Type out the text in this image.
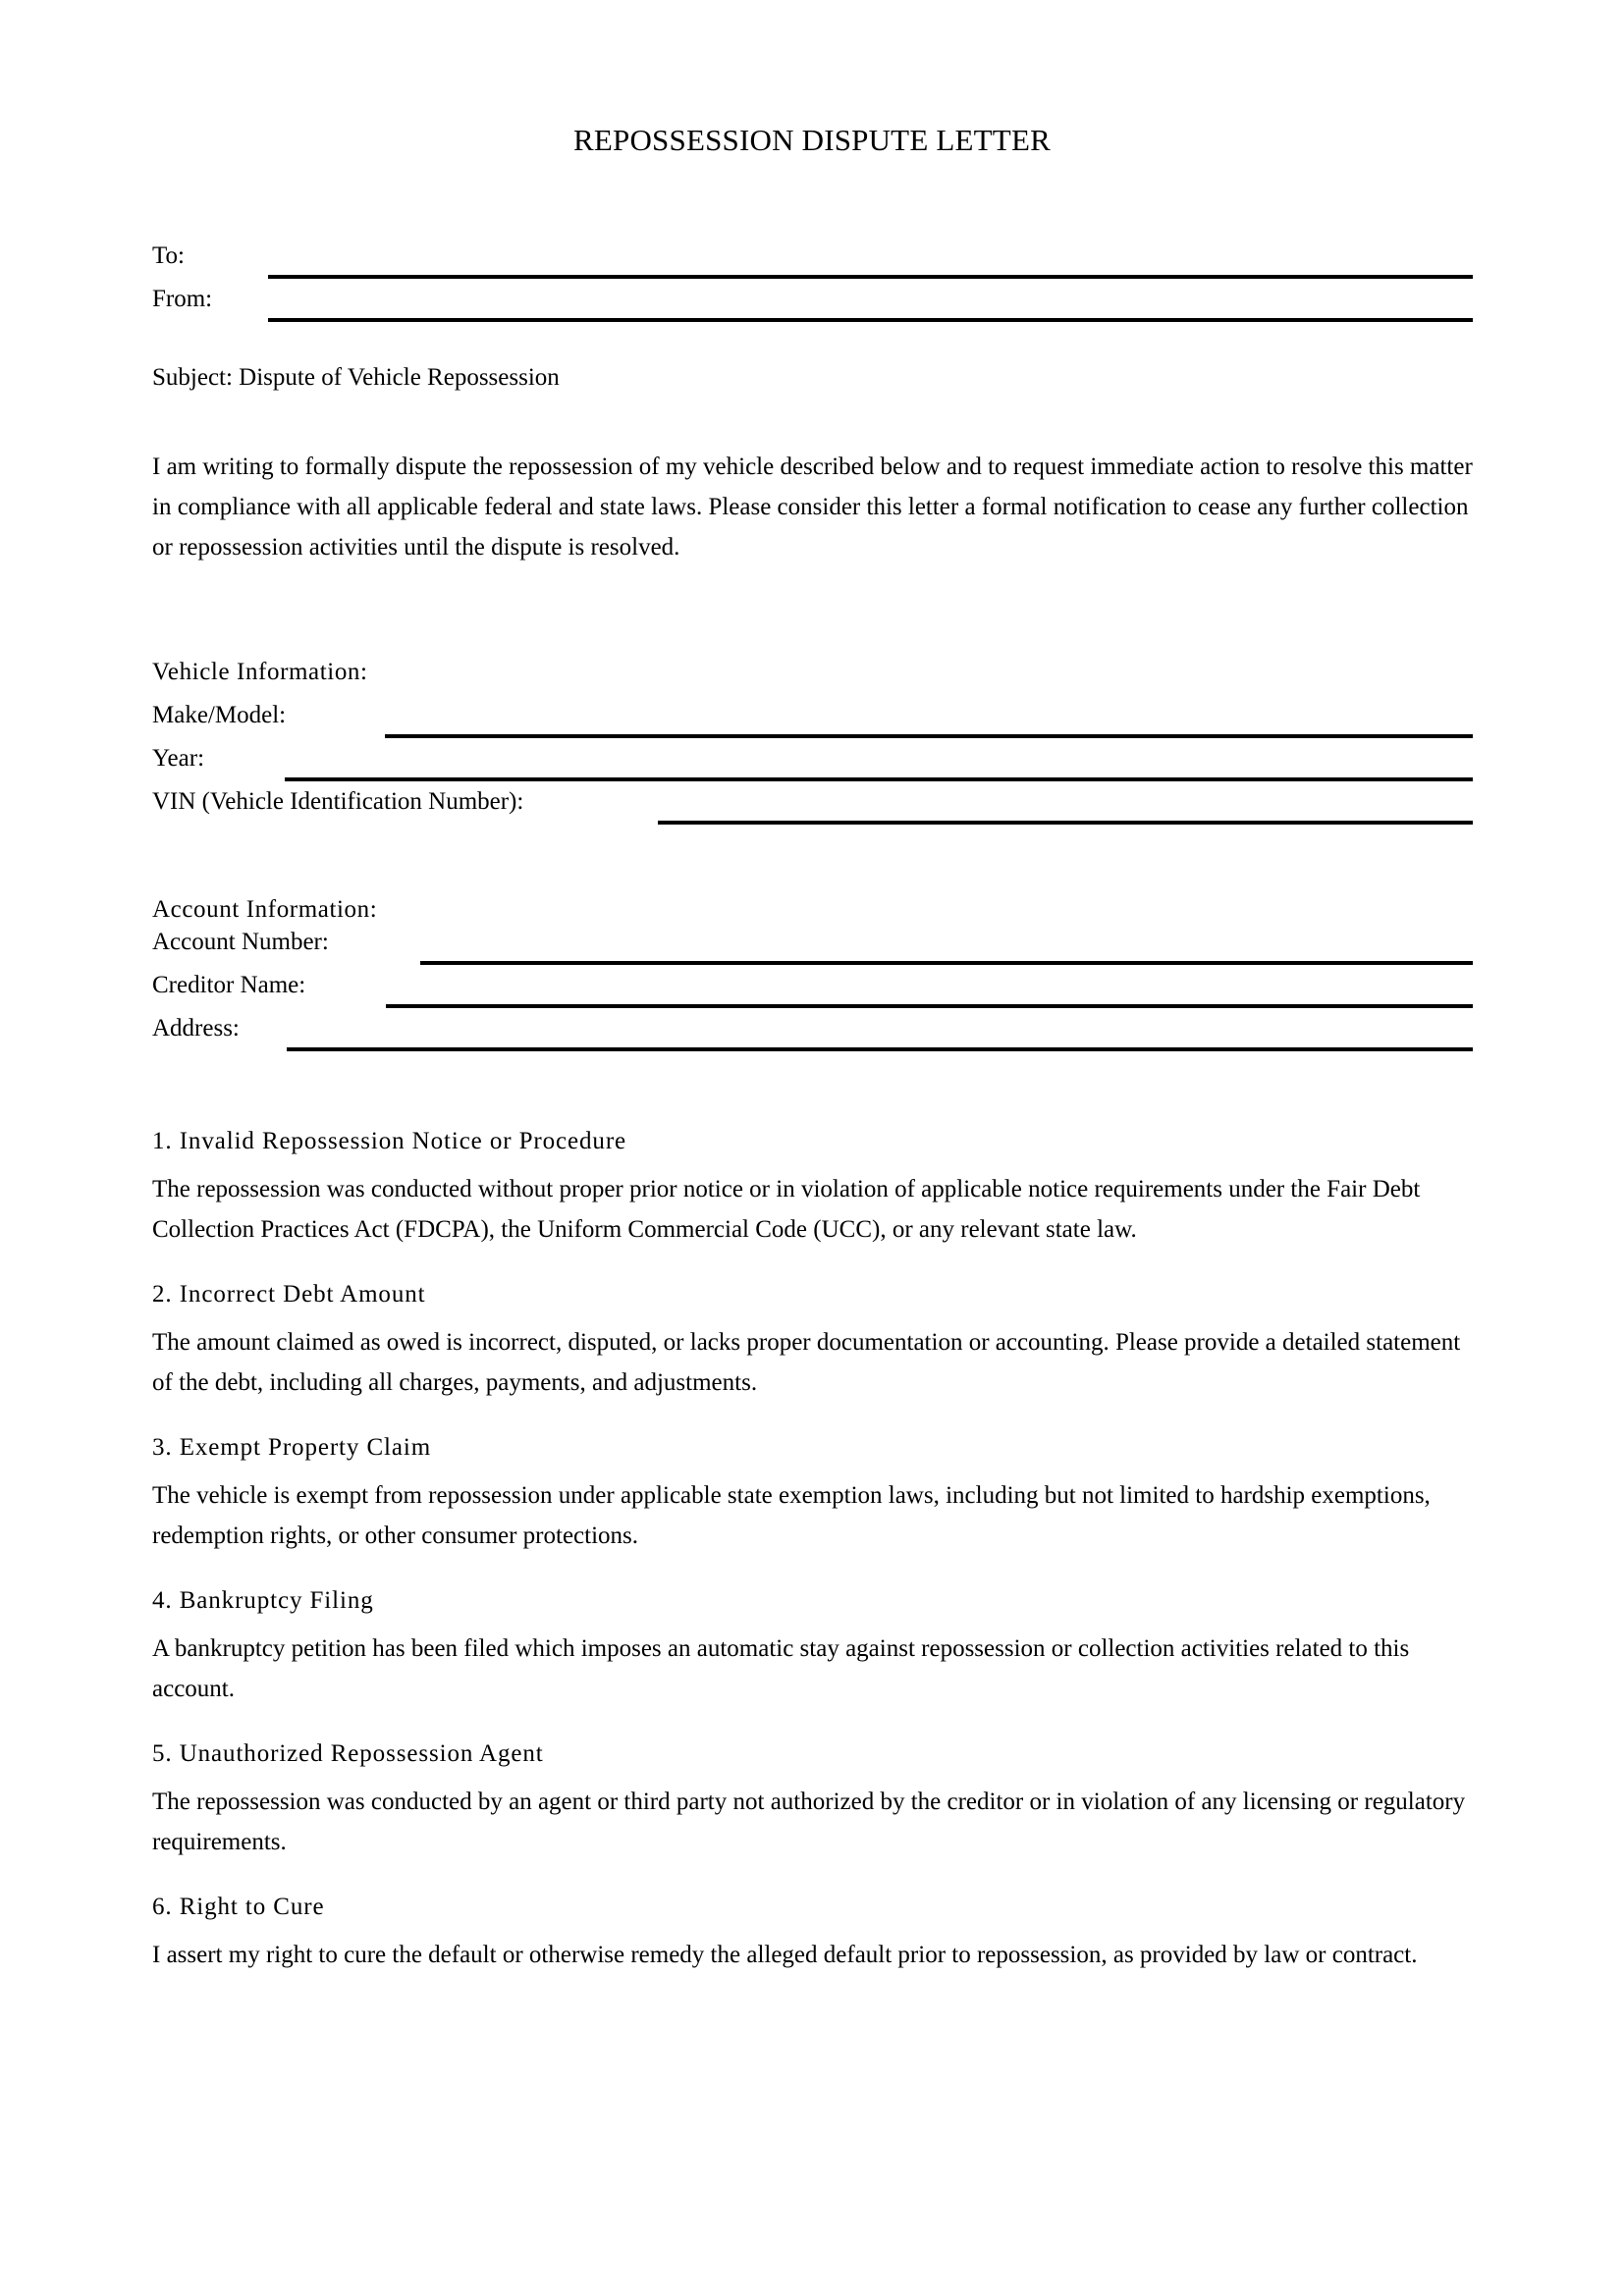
REPOSSESSION DISPUTE LETTER
To:
From:
Subject: Dispute of Vehicle Repossession
I am writing to formally dispute the repossession of my vehicle described below and to request immediate action to resolve this matter in compliance with all applicable federal and state laws. Please consider this letter a formal notification to cease any further collection or repossession activities until the dispute is resolved.
Vehicle Information:
Make/Model:
Year:
VIN (Vehicle Identification Number):
Account Information:
Account Number:
Creditor Name:
Address:
1. Invalid Repossession Notice or Procedure
The repossession was conducted without proper prior notice or in violation of applicable notice requirements under the Fair Debt Collection Practices Act (FDCPA), the Uniform Commercial Code (UCC), or any relevant state law.
2. Incorrect Debt Amount
The amount claimed as owed is incorrect, disputed, or lacks proper documentation or accounting. Please provide a detailed statement of the debt, including all charges, payments, and adjustments.
3. Exempt Property Claim
The vehicle is exempt from repossession under applicable state exemption laws, including but not limited to hardship exemptions, redemption rights, or other consumer protections.
4. Bankruptcy Filing
A bankruptcy petition has been filed which imposes an automatic stay against repossession or collection activities related to this account.
5. Unauthorized Repossession Agent
The repossession was conducted by an agent or third party not authorized by the creditor or in violation of any licensing or regulatory requirements.
6. Right to Cure
I assert my right to cure the default or otherwise remedy the alleged default prior to repossession, as provided by law or contract.
